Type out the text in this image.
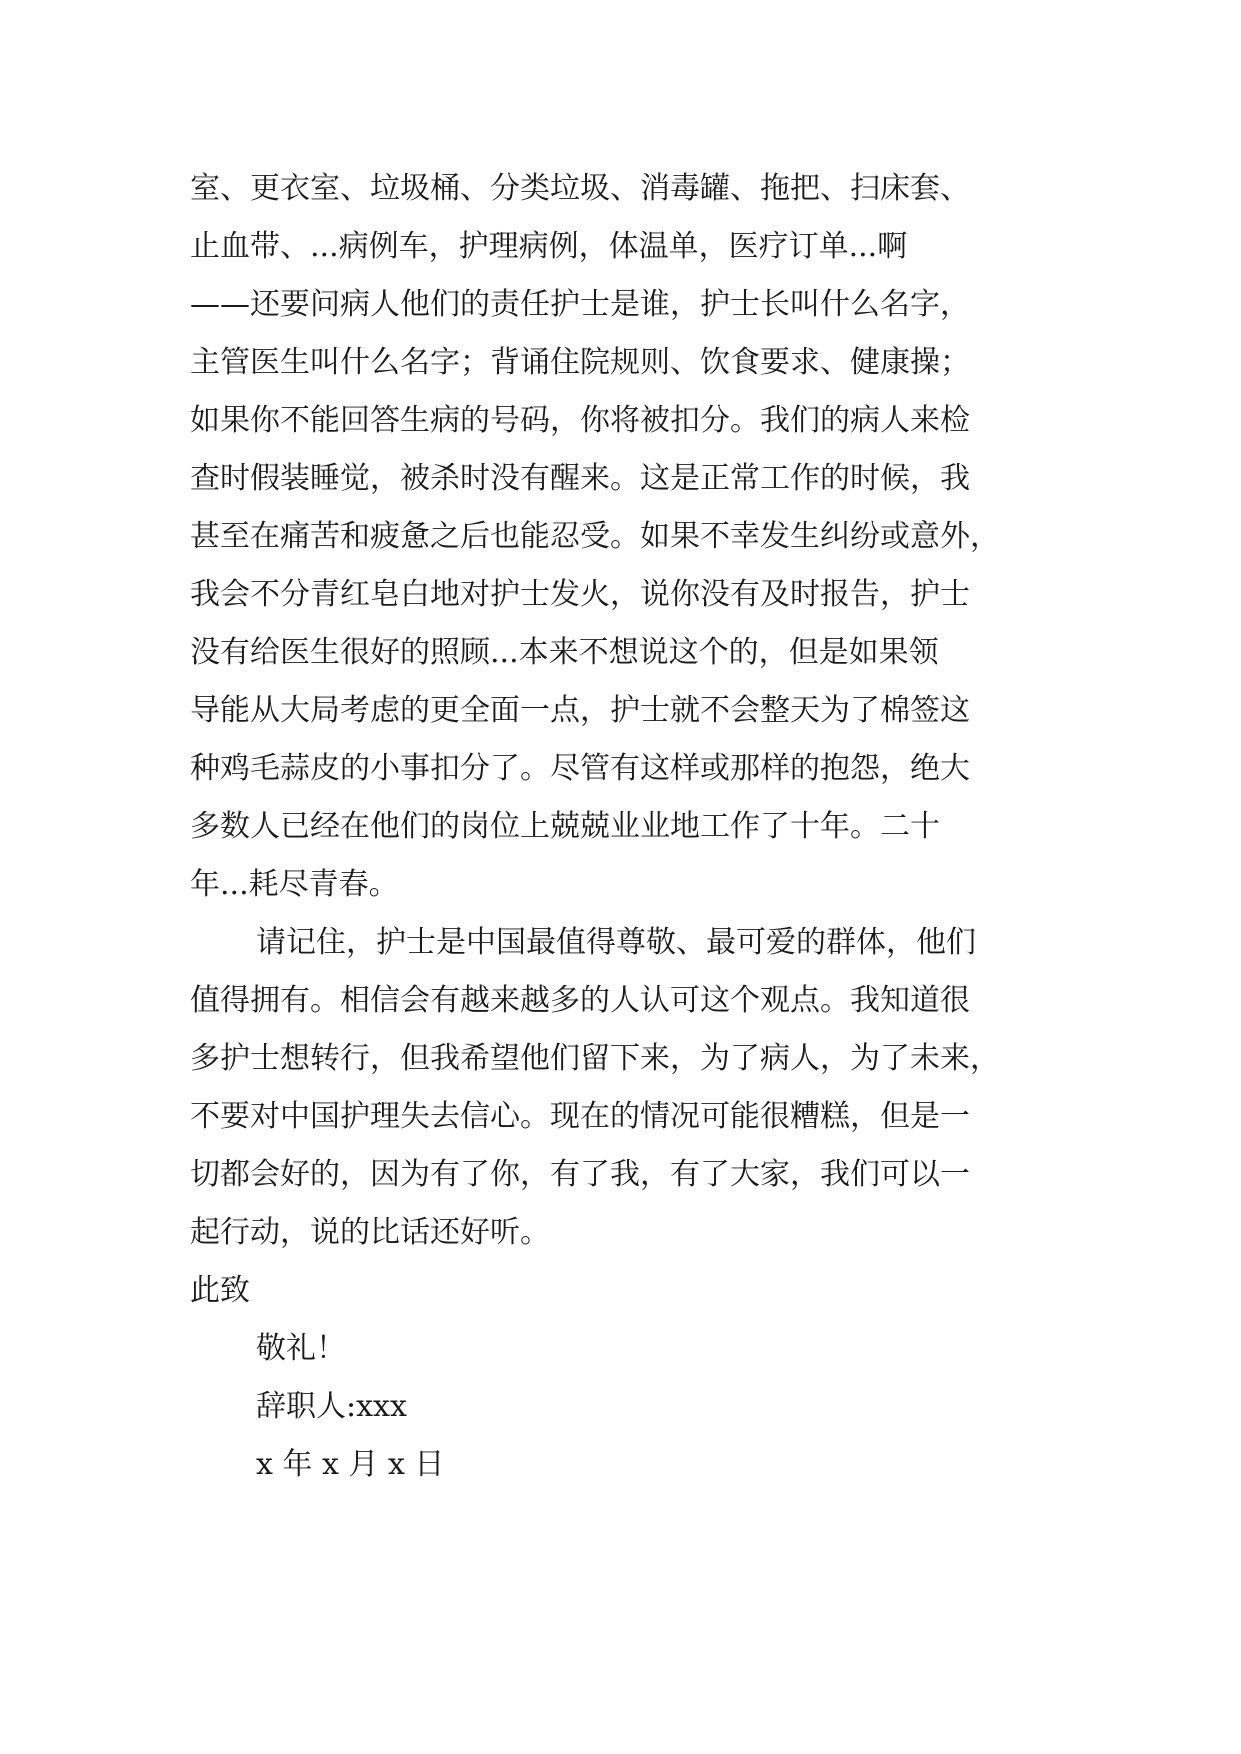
室、更衣室、垃圾桶、分类垃圾、消毒罐、拖把、扫床套、
止血带、...病例车，护理病例，体温单，医疗订单...啊
——还要问病人他们的责任护士是谁，护士长叫什么名字，
主管医生叫什么名字；背诵住院规则、饮食要求、健康操；
如果你不能回答生病的号码，你将被扣分。我们的病人来检
查时假装睡觉，被杀时没有醒来。这是正常工作的时候，我
甚至在痛苦和疲惫之后也能忍受。如果不幸发生纠纷或意外，
我会不分青红皂白地对护士发火，说你没有及时报告，护士
没有给医生很好的照顾...本来不想说这个的，但是如果领
导能从大局考虑的更全面一点，护士就不会整天为了棉签这
种鸡毛蒜皮的小事扣分了。尽管有这样或那样的抱怨，绝大
多数人已经在他们的岗位上兢兢业业地工作了十年。二十
年...耗尽青春。
请记住，护士是中国最值得尊敬、最可爱的群体，他们
值得拥有。相信会有越来越多的人认可这个观点。我知道很
多护士想转行，但我希望他们留下来，为了病人，为了未来，
不要对中国护理失去信心。现在的情况可能很糟糕，但是一
切都会好的，因为有了你，有了我，有了大家，我们可以一
起行动，说的比话还好听。
此致
敬礼！
辞职人:xxx
x 年 x 月 x 日
